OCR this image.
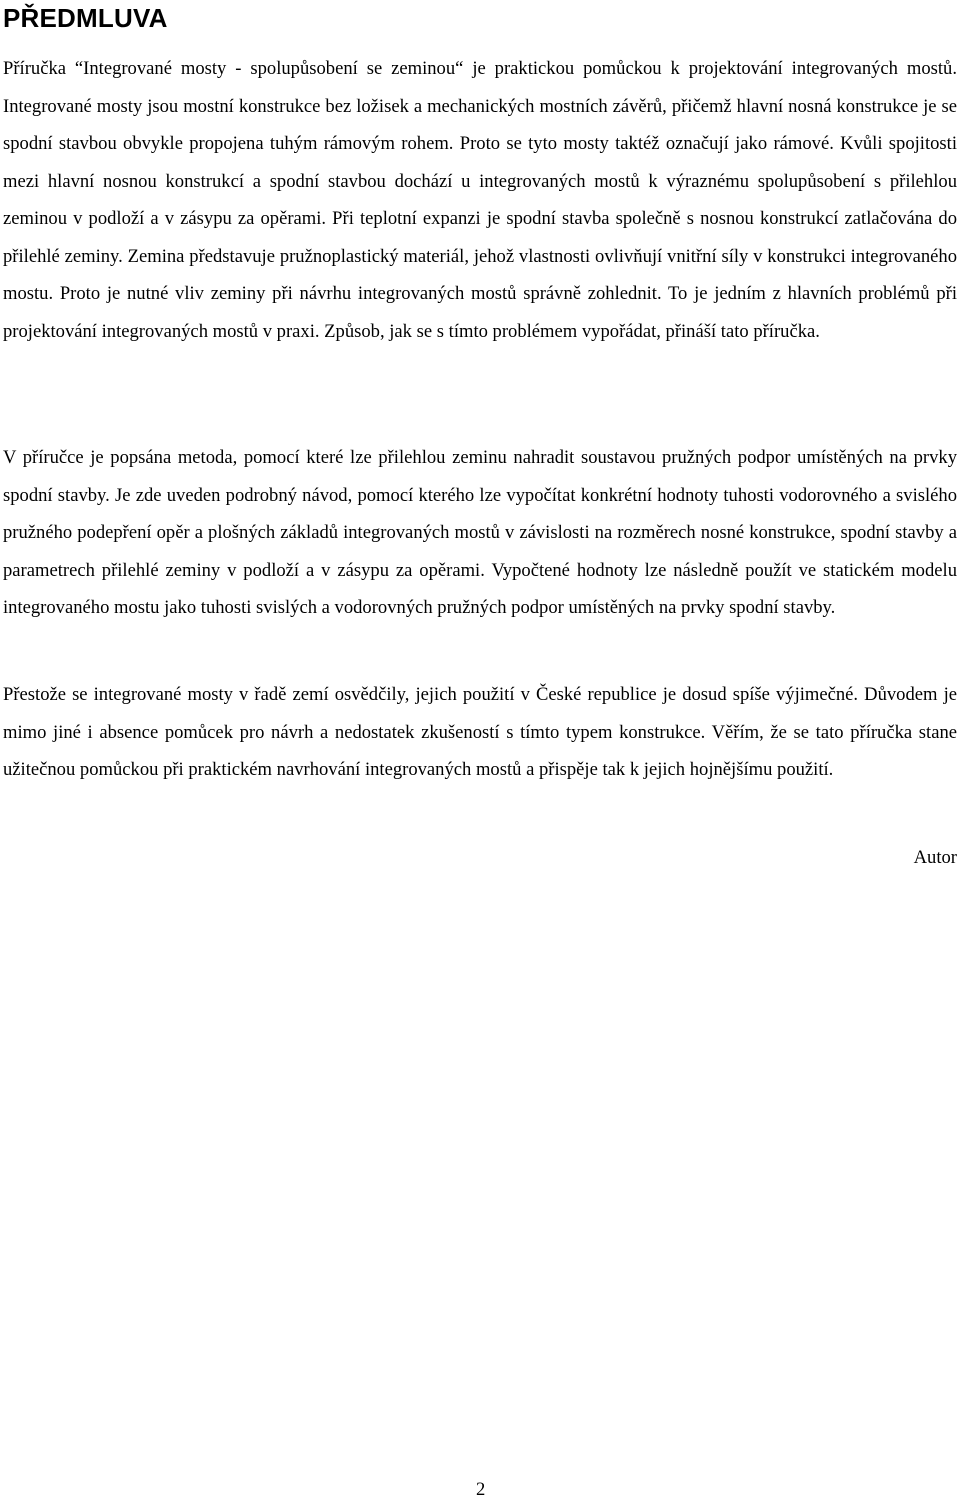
PŘEDMLUVA

Příručka “Integrované mosty - spolupůsobení se zeminou“ je praktickou pomůckou k projektování integrovaných mostů. Integrované mosty jsou mostní konstrukce bez ložisek a mechanických mostních závěrů, přičemž hlavní nosná konstrukce je se spodní stavbou obvykle propojena tuhým rámovým rohem. Proto se tyto mosty taktéž označují jako rámové. Kvůli spojitosti mezi hlavní nosnou konstrukcí a spodní stavbou dochází u integrovaných mostů k výraznému spolupůsobení s přilehlou zeminou v podloží a v zásypu za opěrami. Při teplotní expanzi je spodní stavba společně s nosnou konstrukcí zatlačována do přilehlé zeminy. Zemina představuje pružnoplastický materiál, jehož vlastnosti ovlivňují vnitřní síly v konstrukci integrovaného mostu. Proto je nutné vliv zeminy při návrhu integrovaných mostů správně zohlednit. To je jedním z hlavních problémů při projektování integrovaných mostů v praxi. Způsob, jak se s tímto problémem vypořádat, přináší tato příručka.

V příručce je popsána metoda, pomocí které lze přilehlou zeminu nahradit soustavou pružných podpor umístěných na prvky spodní stavby. Je zde uveden podrobný návod, pomocí kterého lze vypočítat konkrétní hodnoty tuhosti vodorovného a svislého pružného podepření opěr a plošných základů integrovaných mostů v závislosti na rozměrech nosné konstrukce, spodní stavby a parametrech přilehlé zeminy v podloží a v zásypu za opěrami. Vypočtené hodnoty lze následně použít ve statickém modelu integrovaného mostu jako tuhosti svislých a vodorovných pružných podpor umístěných na prvky spodní stavby.

Přestože se integrované mosty v řadě zemí osvědčily, jejich použití v České republice je dosud spíše výjimečné. Důvodem je mimo jiné i absence pomůcek pro návrh a nedostatek zkušeností s tímto typem konstrukce. Věřím, že se tato příručka stane užitečnou pomůckou při praktickém navrhování integrovaných mostů a přispěje tak k jejich hojnějšímu použití.

Autor

2
